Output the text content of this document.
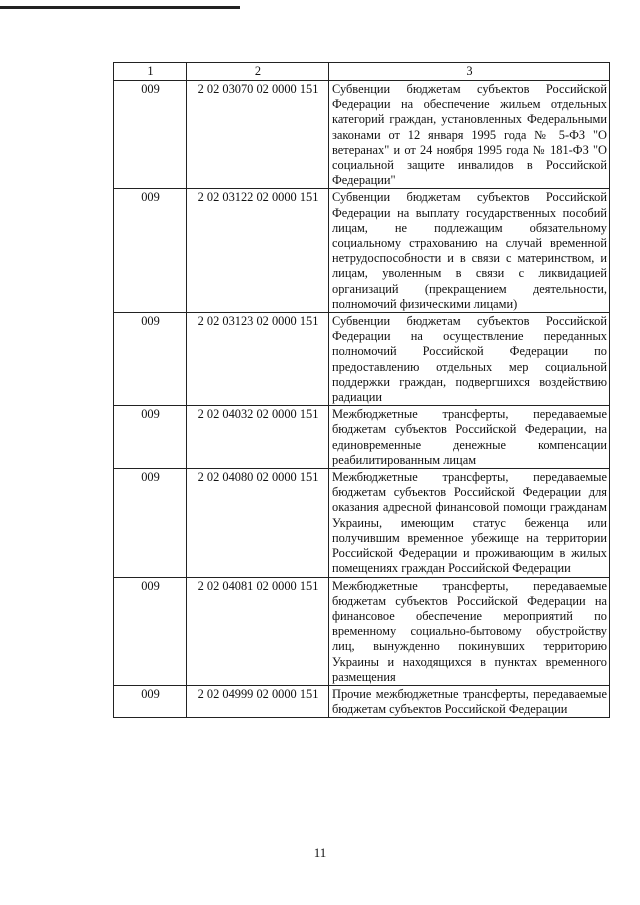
1	2	3
009	2 02 03070 02 0000 151	Субвенции бюджетам субъектов Российской Федерации на обеспечение жильем отдельных категорий граждан, установленных Федеральными законами от 12 января 1995 года № 5-ФЗ "О ветеранах" и от 24 ноября 1995 года № 181-ФЗ "О социальной защите инвалидов в Российской Федерации"
009	2 02 03122 02 0000 151	Субвенции бюджетам субъектов Российской Федерации на выплату государственных пособий лицам, не подлежащим обязательному социальному страхованию на случай временной нетрудоспособности и в связи с материнством, и лицам, уволенным в связи с ликвидацией организаций (прекращением деятельности, полномочий физическими лицами)
009	2 02 03123 02 0000 151	Субвенции бюджетам субъектов Российской Федерации на осуществление переданных полномочий Российской Федерации по предоставлению отдельных мер социальной поддержки граждан, подвергшихся воздействию радиации
009	2 02 04032 02 0000 151	Межбюджетные трансферты, передаваемые бюджетам субъектов Российской Федерации, на единовременные денежные компенсации реабилитированным лицам
009	2 02 04080 02 0000 151	Межбюджетные трансферты, передаваемые бюджетам субъектов Российской Федерации для оказания адресной финансовой помощи гражданам Украины, имеющим статус беженца или получившим временное убежище на территории Российской Федерации и проживающим в жилых помещениях граждан Российской Федерации
009	2 02 04081 02 0000 151	Межбюджетные трансферты, передаваемые бюджетам субъектов Российской Федерации на финансовое обеспечение мероприятий по временному социально-бытовому обустройству лиц, вынужденно покинувших территорию Украины и находящихся в пунктах временного размещения
009	2 02 04999 02 0000 151	Прочие межбюджетные трансферты, передаваемые бюджетам субъектов Российской Федерации
11
